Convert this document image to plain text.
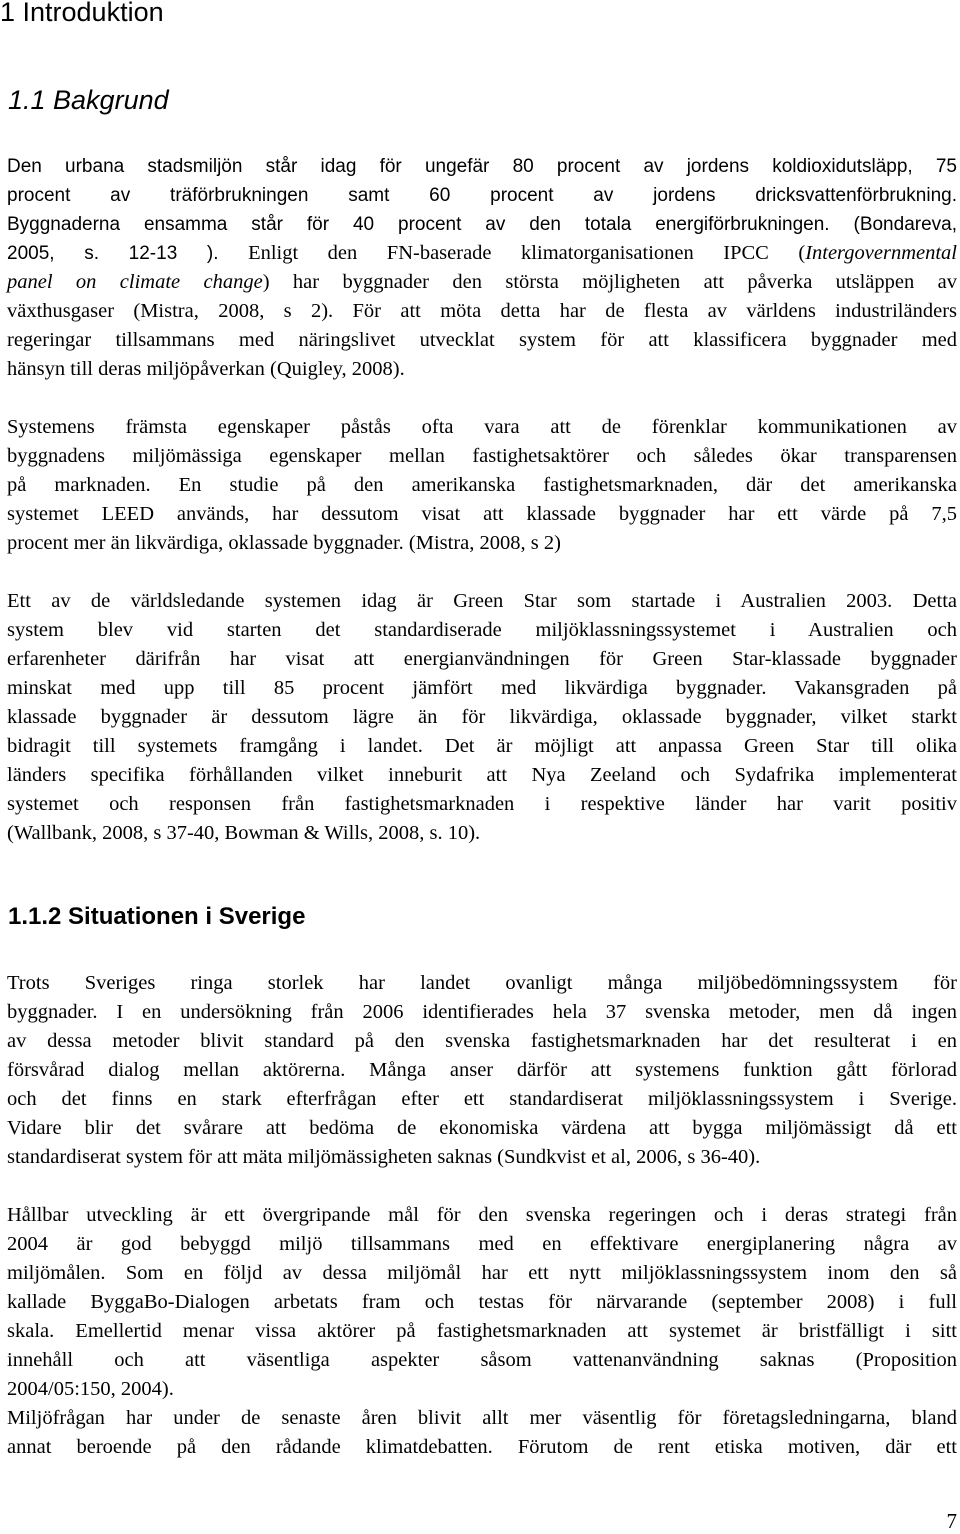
1 Introduktion
1.1 Bakgrund
Den urbana stadsmiljön står idag för ungefär 80 procent av jordens koldioxidutsläpp, 75
procent av träförbrukningen samt 60 procent av jordens dricksvattenförbrukning.
Byggnaderna ensamma står för 40 procent av den totala energiförbrukningen. (Bondareva,
2005, s. 12-13 ). Enligt den FN-baserade klimatorganisationen IPCC (Intergovernmental
panel on climate change) har byggnader den största möjligheten att påverka utsläppen av
växthusgaser (Mistra, 2008, s 2). För att möta detta har de flesta av världens industriländers
regeringar tillsammans med näringslivet utvecklat system för att klassificera byggnader med
hänsyn till deras miljöpåverkan (Quigley, 2008).
Systemens främsta egenskaper påstås ofta vara att de förenklar kommunikationen av
byggnadens miljömässiga egenskaper mellan fastighetsaktörer och således ökar transparensen
på marknaden. En studie på den amerikanska fastighetsmarknaden, där det amerikanska
systemet LEED används, har dessutom visat att klassade byggnader har ett värde på 7,5
procent mer än likvärdiga, oklassade byggnader. (Mistra, 2008, s 2)
Ett av de världsledande systemen idag är Green Star som startade i Australien 2003. Detta
system blev vid starten det standardiserade miljöklassningssystemet i Australien och
erfarenheter därifrån har visat att energianvändningen för Green Star-klassade byggnader
minskat med upp till 85 procent jämfört med likvärdiga byggnader. Vakansgraden på
klassade byggnader är dessutom lägre än för likvärdiga, oklassade byggnader, vilket starkt
bidragit till systemets framgång i landet. Det är möjligt att anpassa Green Star till olika
länders specifika förhållanden vilket inneburit att Nya Zeeland och Sydafrika implementerat
systemet och responsen från fastighetsmarknaden i respektive länder har varit positiv
(Wallbank, 2008, s 37-40, Bowman & Wills, 2008, s. 10).
1.1.2 Situationen i Sverige
Trots Sveriges ringa storlek har landet ovanligt många miljöbedömningssystem för
byggnader. I en undersökning från 2006 identifierades hela 37 svenska metoder, men då ingen
av dessa metoder blivit standard på den svenska fastighetsmarknaden har det resulterat i en
försvårad dialog mellan aktörerna. Många anser därför att systemens funktion gått förlorad
och det finns en stark efterfrågan efter ett standardiserat miljöklassningssystem i Sverige.
Vidare blir det svårare att bedöma de ekonomiska värdena att bygga miljömässigt då ett
standardiserat system för att mäta miljömässigheten saknas (Sundkvist et al, 2006, s 36-40).
Hållbar utveckling är ett övergripande mål för den svenska regeringen och i deras strategi från
2004 är god bebyggd miljö tillsammans med en effektivare energiplanering några av
miljömålen. Som en följd av dessa miljömål har ett nytt miljöklassningssystem inom den så
kallade ByggaBo-Dialogen arbetats fram och testas för närvarande (september 2008) i full
skala. Emellertid menar vissa aktörer på fastighetsmarknaden att systemet är bristfälligt i sitt
innehåll och att väsentliga aspekter såsom vattenanvändning saknas (Proposition
2004/05:150, 2004).
Miljöfrågan har under de senaste åren blivit allt mer väsentlig för företagsledningarna, bland
annat beroende på den rådande klimatdebatten. Förutom de rent etiska motiven, där ett
7
